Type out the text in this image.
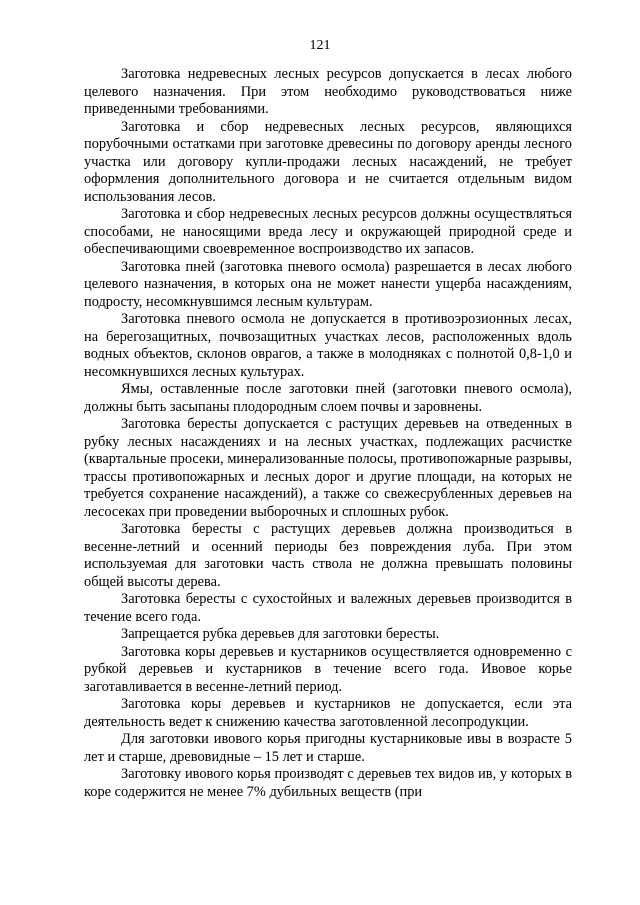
121

Заготовка недревесных лесных ресурсов допускается в лесах любого целевого назначения. При этом необходимо руководствоваться ниже приведенными требованиями.

Заготовка и сбор недревесных лесных ресурсов, являющихся порубочными остатками при заготовке древесины по договору аренды лесного участка или договору купли-продажи лесных насаждений, не требует оформления дополнительного договора и не считается отдельным видом использования лесов.

Заготовка и сбор недревесных лесных ресурсов должны осуществляться способами, не наносящими вреда лесу и окружающей природной среде и обеспечивающими своевременное воспроизводство их запасов.

Заготовка пней (заготовка пневого осмола) разрешается в лесах любого целевого назначения, в которых она не может нанести ущерба насаждениям, подросту, несомкнувшимся лесным культурам.

Заготовка пневого осмола не допускается в противоэрозионных лесах, на берегозащитных, почвозащитных участках лесов, расположенных вдоль водных объектов, склонов оврагов, а также в молодняках с полнотой 0,8-1,0 и несомкнувшихся лесных культурах.

Ямы, оставленные после заготовки пней (заготовки пневого осмола), должны быть засыпаны плодородным слоем почвы и заровнены.

Заготовка бересты допускается с растущих деревьев на отведенных в рубку лесных насаждениях и на лесных участках, подлежащих расчистке (квартальные просеки, минерализованные полосы, противопожарные разрывы, трассы противопожарных и лесных дорог и другие площади, на которых не требуется сохранение насаждений), а также со свежесрубленных деревьев на лесосеках при проведении выборочных и сплошных рубок.

Заготовка бересты с растущих деревьев должна производиться в весенне-летний и осенний периоды без повреждения луба. При этом используемая для заготовки часть ствола не должна превышать половины общей высоты дерева.

Заготовка бересты с сухостойных и валежных деревьев производится в течение всего года.

Запрещается рубка деревьев для заготовки бересты.

Заготовка коры деревьев и кустарников осуществляется одновременно с рубкой деревьев и кустарников в течение всего года. Ивовое корье заготавливается в весенне-летний период.

Заготовка коры деревьев и кустарников не допускается, если эта деятельность ведет к снижению качества заготовленной лесопродукции.

Для заготовки ивового корья пригодны кустарниковые ивы в возрасте 5 лет и старше, древовидные – 15 лет и старше.

Заготовку ивового корья производят с деревьев тех видов ив, у которых в коре содержится не менее 7% дубильных веществ (при
